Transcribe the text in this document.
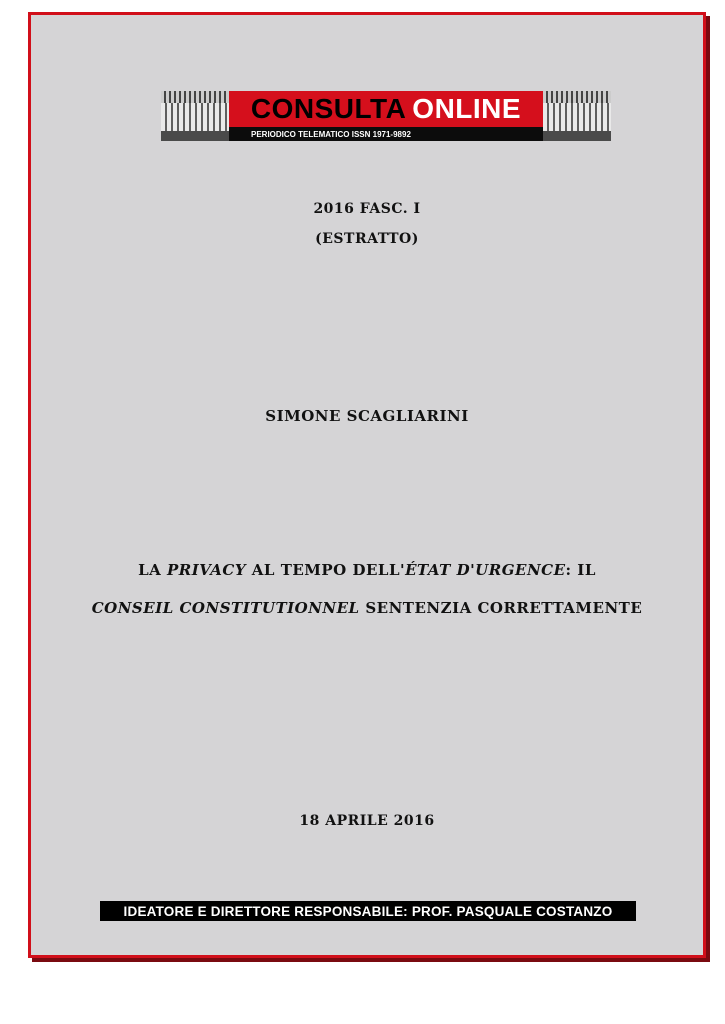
CONSULTA ONLINE
PERIODICO TELEMATICO ISSN 1971-9892
2016 FASC. I
(ESTRATTO)
SIMONE SCAGLIARINI
LA PRIVACY AL TEMPO DELL'ÉTAT D'URGENCE: IL
CONSEIL CONSTITUTIONNEL SENTENZIA CORRETTAMENTE
18 APRILE 2016
IDEATORE E DIRETTORE RESPONSABILE: PROF. PASQUALE COSTANZO
